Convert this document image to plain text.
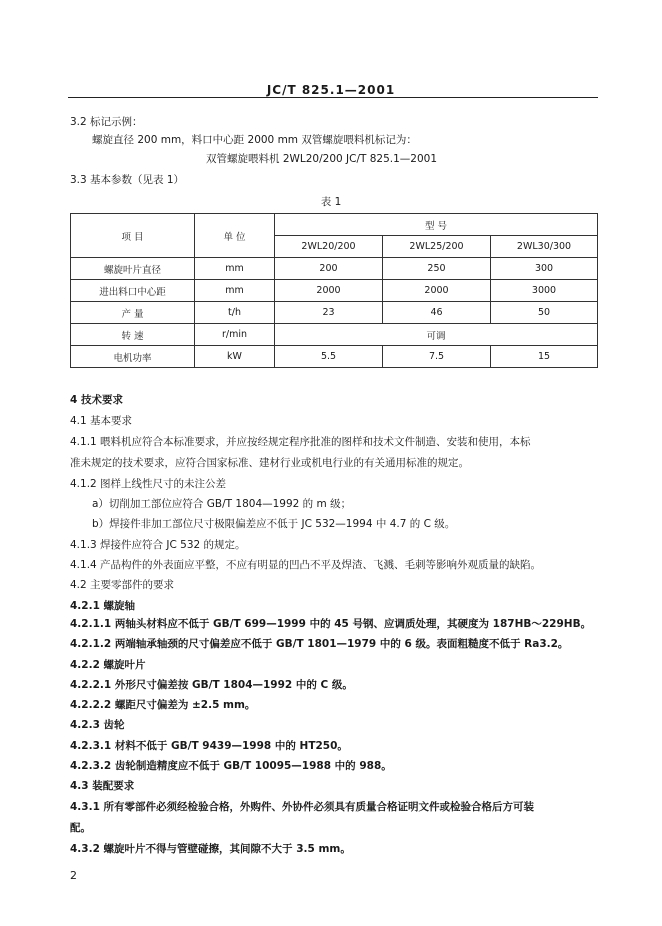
JC/T 825.1—2001
3.2 标记示例：
螺旋直径 200 mm，料口中心距 2000 mm 双管螺旋喂料机标记为：
双管螺旋喂料机 2WL20/200 JC/T 825.1—2001
3.3 基本参数（见表 1）
表 1
项 目	单 位	型 号		
		2WL20/200	2WL25/200	2WL30/300
螺旋叶片直径	mm	200	250	300
进出料口中心距	mm	2000	2000	3000
产 量	t/h	23	46	50
转 速	r/min	可调		
电机功率	kW	5.5	7.5	15
4 技术要求
4.1 基本要求
4.1.1 喂料机应符合本标准要求，并应按经规定程序批准的图样和技术文件制造、安装和使用，本标
准未规定的技术要求，应符合国家标准、建材行业或机电行业的有关通用标准的规定。
4.1.2 图样上线性尺寸的未注公差
a）切削加工部位应符合 GB/T 1804—1992 的 m 级；
b）焊接件非加工部位尺寸极限偏差应不低于 JC 532—1994 中 4.7 的 C 级。
4.1.3 焊接件应符合 JC 532 的规定。
4.1.4 产品构件的外表面应平整，不应有明显的凹凸不平及焊渣、飞溅、毛刺等影响外观质量的缺陷。
4.2 主要零部件的要求
4.2.1 螺旋轴
4.2.1.1 两轴头材料应不低于 GB/T 699—1999 中的 45 号钢、应调质处理，其硬度为 187HB～229HB。
4.2.1.2 两端轴承轴颈的尺寸偏差应不低于 GB/T 1801—1979 中的 6 级。表面粗糙度不低于 Ra3.2。
4.2.2 螺旋叶片
4.2.2.1 外形尺寸偏差按 GB/T 1804—1992 中的 C 级。
4.2.2.2 螺距尺寸偏差为 ±2.5 mm。
4.2.3 齿轮
4.2.3.1 材料不低于 GB/T 9439—1998 中的 HT250。
4.2.3.2 齿轮制造精度应不低于 GB/T 10095—1988 中的 988。
4.3 装配要求
4.3.1 所有零部件必须经检验合格，外购件、外协件必须具有质量合格证明文件或检验合格后方可装
配。
4.3.2 螺旋叶片不得与管壁碰擦，其间隙不大于 3.5 mm。
2
